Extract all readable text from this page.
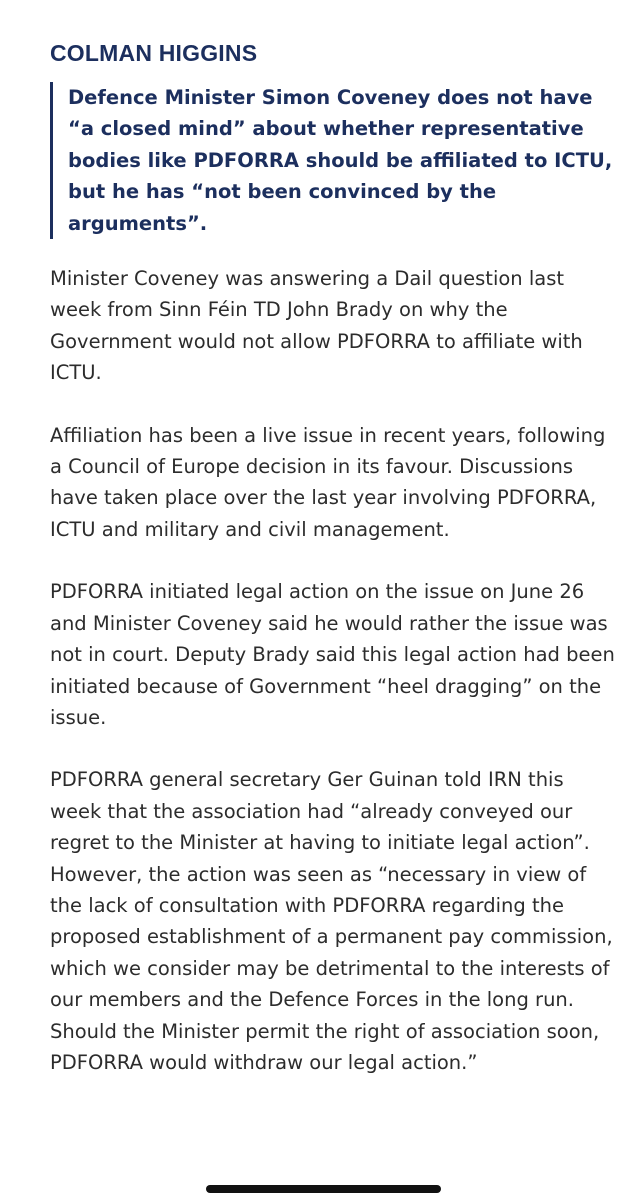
COLMAN HIGGINS
Defence Minister Simon Coveney does not have “a closed mind” about whether representative bodies like PDFORRA should be affiliated to ICTU, but he has “not been convinced by the arguments”.

Minister Coveney was answering a Dail question last week from Sinn Féin TD John Brady on why the Government would not allow PDFORRA to affiliate with ICTU.

Affiliation has been a live issue in recent years, following a Council of Europe decision in its favour. Discussions have taken place over the last year involving PDFORRA, ICTU and military and civil management.

PDFORRA initiated legal action on the issue on June 26 and Minister Coveney said he would rather the issue was not in court. Deputy Brady said this legal action had been initiated because of Government “heel dragging” on the issue.

PDFORRA general secretary Ger Guinan told IRN this week that the association had “already conveyed our regret to the Minister at having to initiate legal action”. However, the action was seen as “necessary in view of the lack of consultation with PDFORRA regarding the proposed establishment of a permanent pay commission, which we consider may be detrimental to the interests of our members and the Defence Forces in the long run. Should the Minister permit the right of association soon, PDFORRA would withdraw our legal action.”
